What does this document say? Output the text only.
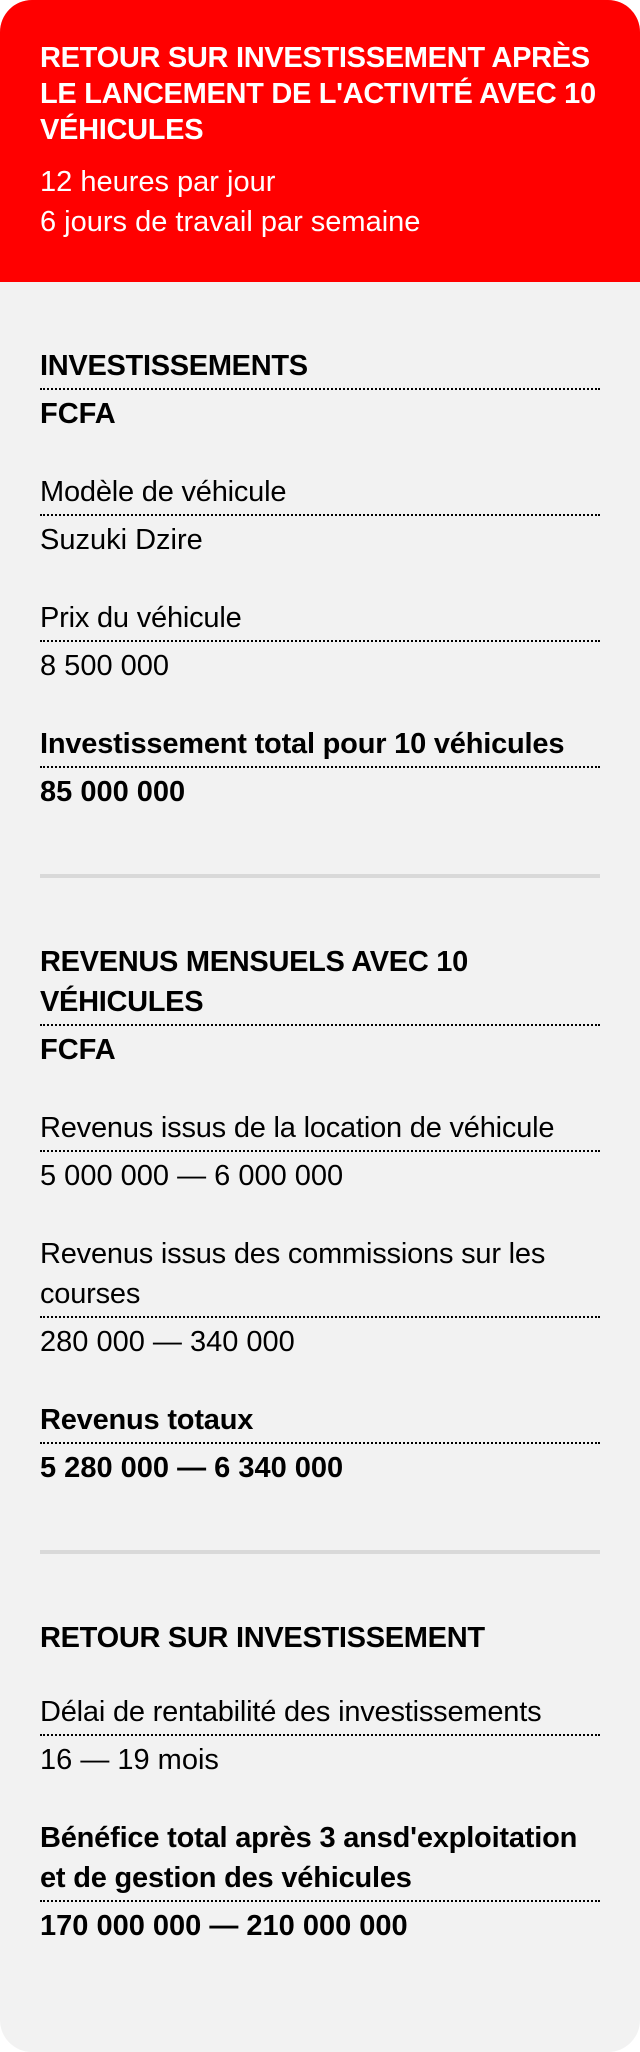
RETOUR SUR INVESTISSEMENT APRÈS LE LANCEMENT DE L'ACTIVITÉ AVEC 10 VÉHICULES
12 heures par jour
6 jours de travail par semaine
INVESTISSEMENTS
FCFA
Modèle de véhicule
Suzuki Dzire
Prix du véhicule
8 500 000
Investissement total pour 10 véhicules
85 000 000
REVENUS MENSUELS AVEC 10 VÉHICULES
FCFA
Revenus issus de la location de véhicule
5 000 000 — 6 000 000
Revenus issus des commissions sur les courses
280 000 — 340 000
Revenus totaux
5 280 000 — 6 340 000
RETOUR SUR INVESTISSEMENT
Délai de rentabilité des investissements
16 — 19 mois
Bénéfice total après 3 ansd'exploitation et de gestion des véhicules
170 000 000 — 210 000 000
